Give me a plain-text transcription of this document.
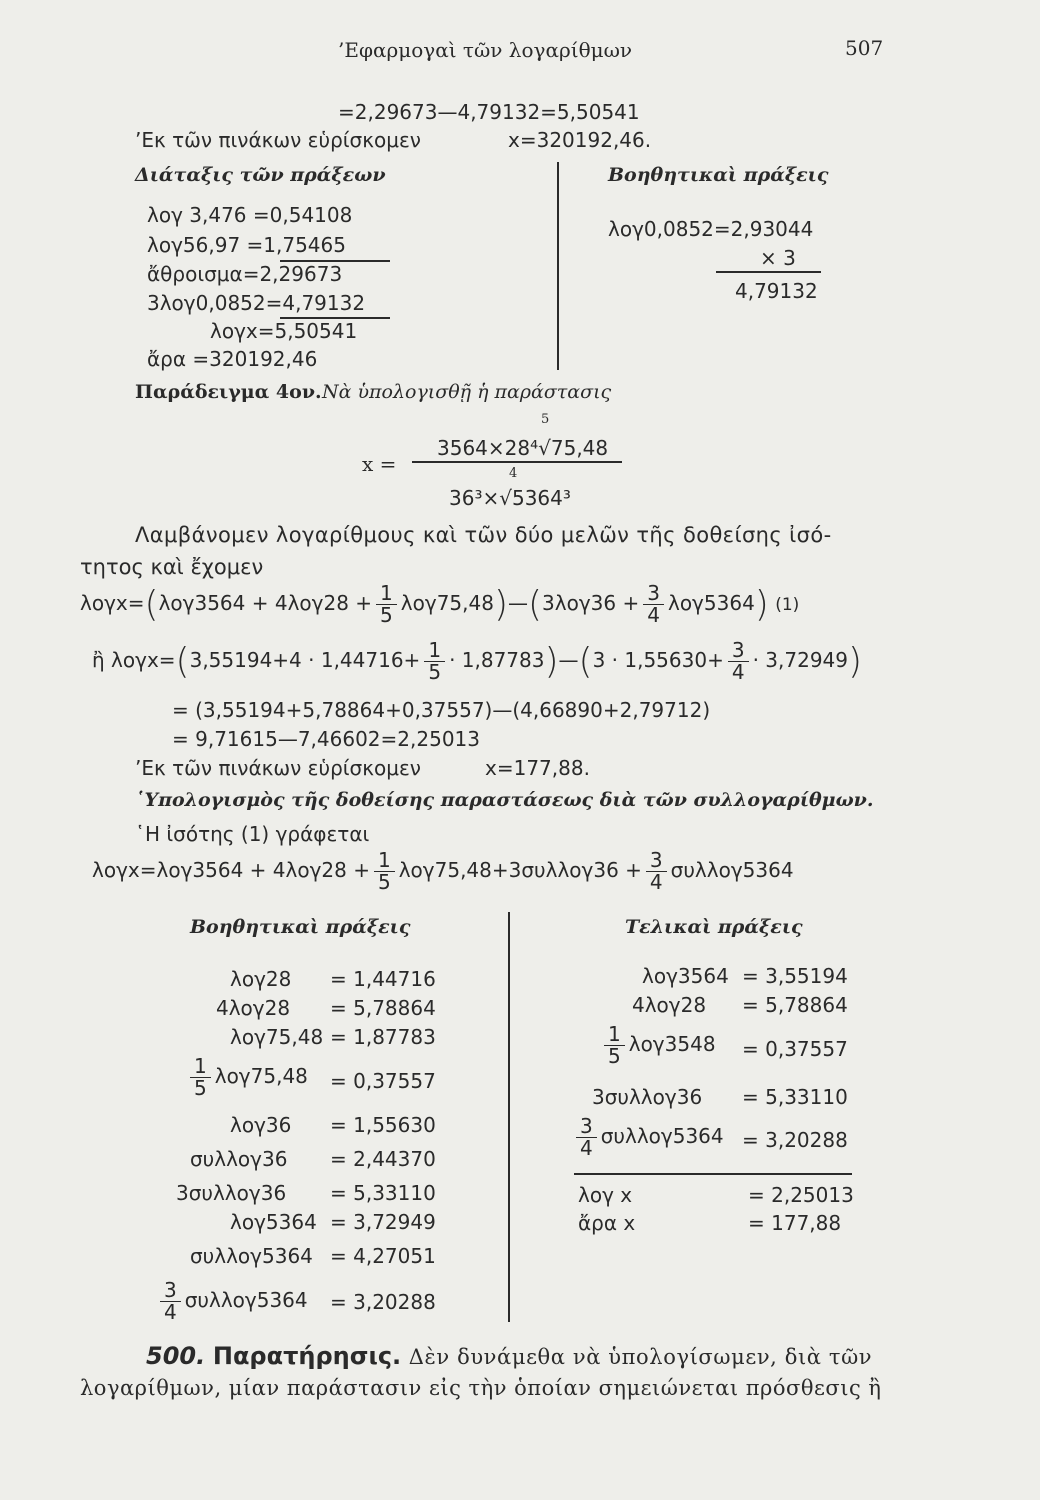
’Εφαρμογαὶ τῶν λογαρίθμων	507
=2,29673—4,79132=5,50541
’Εκ τῶν πινάκων εὑρίσκομεν	x=320192,46.
Διάταξις τῶν πράξεων
λογ 3,476 =0,54108
λογ56,97 =1,75465
ἄθροισμα=2,29673
3λογ0,0852=4,79132
λογx=5,50541
ἄρα =320192,46
Βοηθητικαὶ πράξεις
λογ0,0852=2,93044
× 3
4,79132
Παράδειγμα 4ον. Νὰ ὑπολογισθῇ ἡ παράστασις
5
3564×28⁴√75,48
x =	4
36³×√5364³
Λαμβάνομεν λογαρίθμους καὶ τῶν δύο μελῶν τῆς δοθείσης ἰσό-
τητος καὶ ἔχομεν
$\lambda o\gamma x=(\lambda o\gamma 3564 + 4\lambda o\gamma 28 + \frac{1}{5}$ λογ75,48)—(3λογ36 + $\frac{3}{4} \lambda o\gamma 5364$) (1)
ἢ $\lambda o\gamma x=(3,55194+4 \cdot 1,44716+ \frac{1}{5}$ · 1,87783)—(3 · $1,55630+ \frac{3}{4} \cdot 3,72949$)
= (3,55194+5,78864+0,37557)—(4,66890+2,79712)
= 9,71615—7,46602=2,25013
’Εκ τῶν πινάκων εὑρίσκομεν	x=177,88.
῾Υπολογισμὸς τῆς δοθείσης παραστάσεως διὰ τῶν συλλογαρίθμων.
῾Η ἰσότης (1) γράφεται
$\lambda o\gamma x=\lambda o\gamma 3564 + 4\lambda o\gamma 28 + \frac{1}{5} \lambda o\gamma 75,48+3\sigma\upsilon\lambda\lambda o\gamma 36 + \frac{3}{4} \sigma\upsilon\lambda\lambda o\gamma 5364$
Βοηθητικαὶ πράξεις
λογ28 = 1,44716
4λογ28 = 5,78864
λογ75,48 = 1,87783
$\frac{1}{5} \lambda o\gamma 75,48 = 0,37557$
λογ36 = 1,55630
συλλογ36 = 2,44370
3συλλογ36 = 5,33110
λογ5364 = 3,72949
συλλογ5364 = 4,27051
$\frac{3}{4} \sigma\upsilon\lambda\lambda o\gamma 5364 = 3,20288$
Τελικαὶ πράξεις
λογ3564 = 3,55194
4λογ28 = 5,78864
$\frac{1}{5} \lambda o\gamma 3548 = 0,37557$
3συλλογ36 = 5,33110
$\frac{3}{4} \sigma\upsilon\lambda\lambda o\gamma 5364 = 3,20288$
λογ x	= 2,25013
ἄρα x	= 177,88
500. Παρατήρησις. Δὲν δυνάμεθα νὰ ὑπολογίσωμεν, διὰ τῶν
λογαρίθμων, μίαν παράστασιν εἰς τὴν ὁποίαν σημειώνεται πρόσθεσις ἢ
